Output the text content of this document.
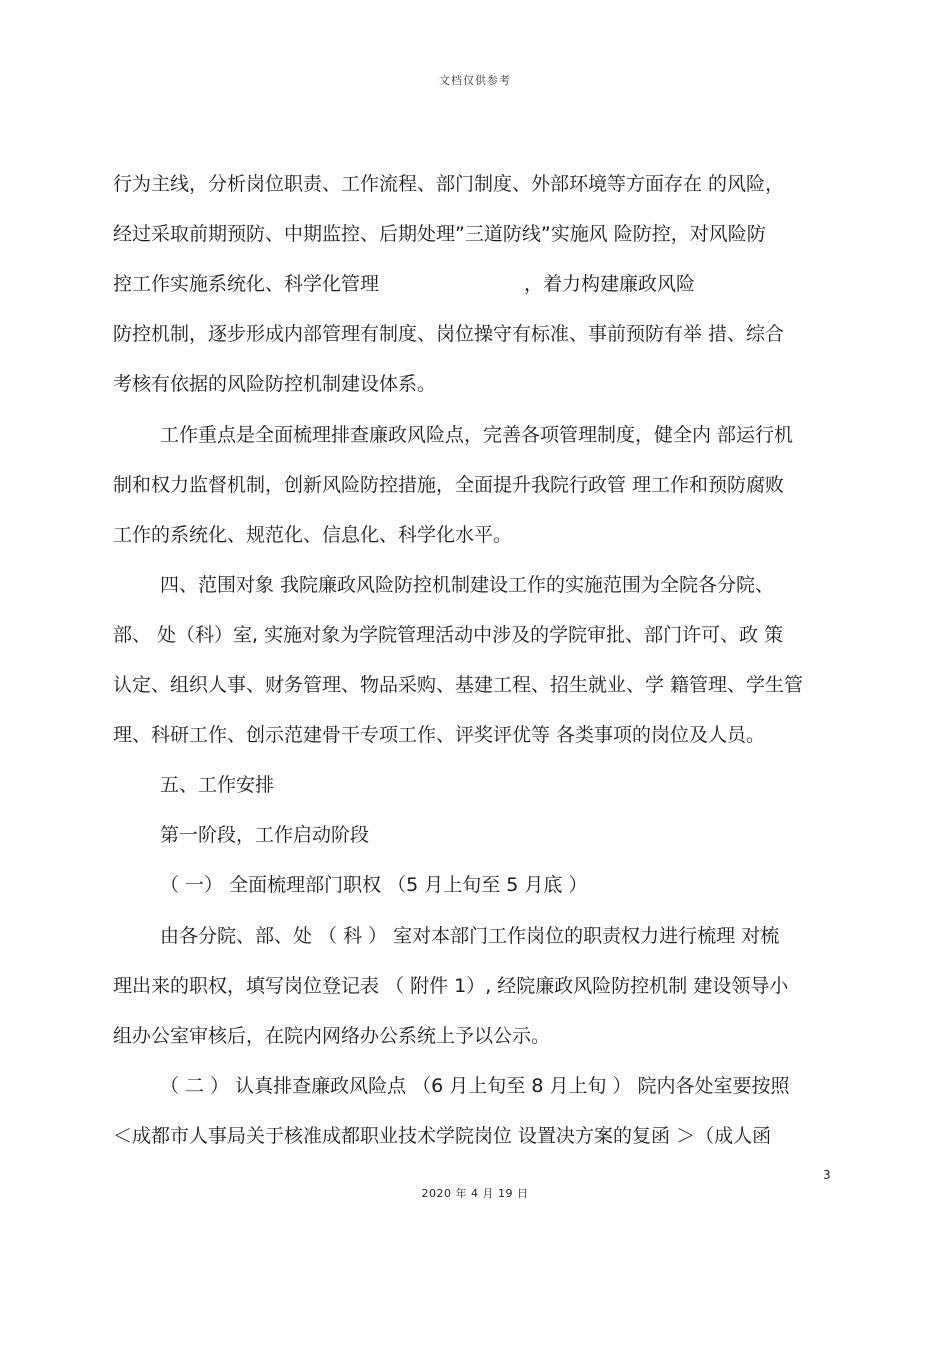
文档仅供参考
行为主线，分析岗位职责、工作流程、部门制度、外部环境等方面存在 的风险，
经过采取前期预防、中期监控、后期处理”三道防线”实施风 险防控，对风险防
控工作实施系统化、科学化管理                        ，着力构建廉政风险
防控机制，逐步形成内部管理有制度、岗位操守有标准、事前预防有举 措、综合
考核有依据的风险防控机制建设体系。
工作重点是全面梳理排查廉政风险点，完善各项管理制度，健全内 部运行机
制和权力监督机制，创新风险防控措施，全面提升我院行政管 理工作和预防腐败
工作的系统化、规范化、信息化、科学化水平。
四、范围对象 我院廉政风险防控机制建设工作的实施范围为全院各分院、
部、 处（科）室, 实施对象为学院管理活动中涉及的学院审批、部门许可、政 策
认定、组织人事、财务管理、物品采购、基建工程、招生就业、学 籍管理、学生管
理、科研工作、创示范建骨干专项工作、评奖评优等 各类事项的岗位及人员。
五、工作安排
第一阶段，工作启动阶段
（ 一） 全面梳理部门职权 （5 月上旬至 5 月底 ）
由各分院、部、处 （ 科 ） 室对本部门工作岗位的职责权力进行梳理 对梳
理出来的职权，填写岗位登记表 （ 附件 1）, 经院廉政风险防控机制 建设领导小
组办公室审核后，在院内网络办公系统上予以公示。
（ 二 ） 认真排查廉政风险点 （6 月上旬至 8 月上旬 ） 院内各处室要按照
＜成都市人事局关于核准成都职业技术学院岗位 设置决方案的复函 ＞（成人函
3
2020 年 4 月 19 日
